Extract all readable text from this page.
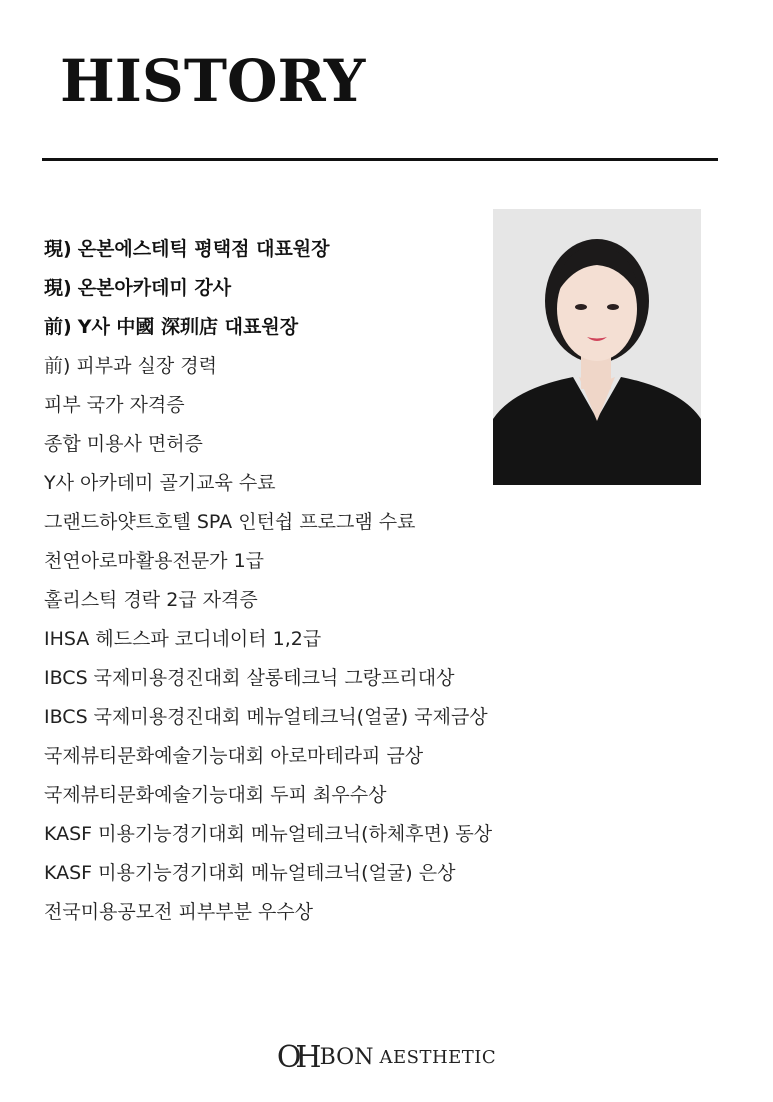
HISTORY
現) 온본에스테틱 평택점 대표원장
現) 온본아카데미 강사
前) Y사 中國 深玔店 대표원장
前) 피부과 실장 경력
피부 국가 자격증
종합 미용사 면허증
Y사 아카데미 골기교육 수료
그랜드하얏트호텔 SPA 인턴쉽 프로그램 수료
천연아로마활용전문가 1급
홀리스틱 경락 2급 자격증
IHSA 헤드스파 코디네이터 1,2급
IBCS 국제미용경진대회 살롱테크닉 그랑프리대상
IBCS 국제미용경진대회 메뉴얼테크닉(얼굴) 국제금상
국제뷰티문화예술기능대회 아로마테라피 금상
국제뷰티문화예술기능대회 두피 최우수상
KASF 미용기능경기대회 메뉴얼테크닉(하체후면) 동상
KASF 미용기능경기대회 메뉴얼테크닉(얼굴) 은상
전국미용공모전 피부부분 우수상
OH BON AESTHETIC
